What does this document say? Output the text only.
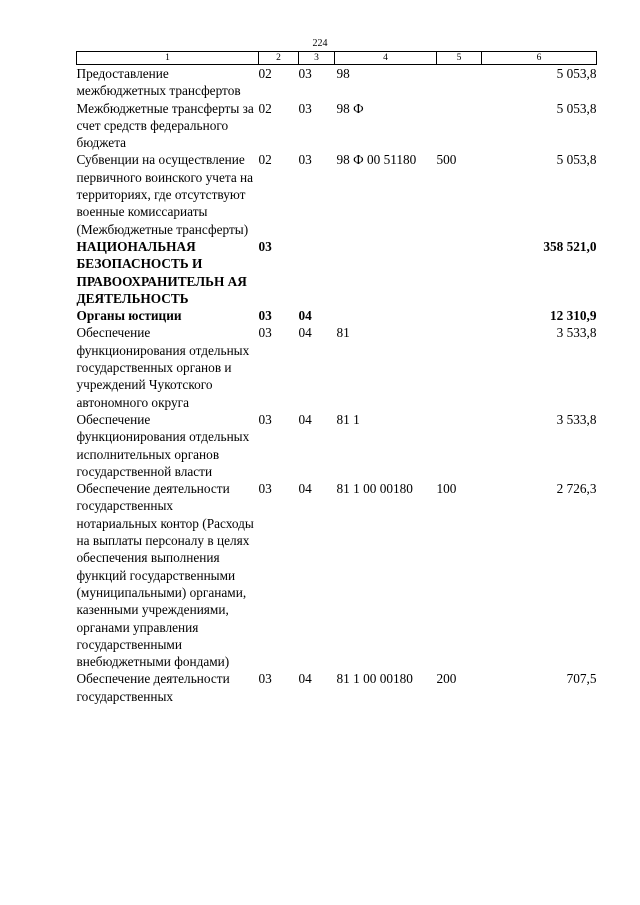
224
1	2	3	4	5	6
Предоставление межбюджетных трансфертов	02	03	98		5 053,8
Межбюджетные трансферты за счет средств федерального бюджета	02	03	98 Ф		5 053,8
Субвенции на осуществление первичного воинского учета на территориях, где отсутствуют военные комиссариаты (Межбюджетные трансферты)	02	03	98 Ф 00 51180	500	5 053,8
НАЦИОНАЛЬНАЯ БЕЗОПАСНОСТЬ И ПРАВООХРАНИТЕЛЬН АЯ ДЕЯТЕЛЬНОСТЬ	03				358 521,0
Органы юстиции	03	04			12 310,9
Обеспечение функционирования отдельных государственных органов и учреждений Чукотского автономного округа	03	04	81		3 533,8
Обеспечение функционирования отдельных исполнительных органов государственной власти	03	04	81 1		3 533,8
Обеспечение деятельности государственных нотариальных контор (Расходы на выплаты персоналу в целях обеспечения выполнения функций государственными (муниципальными) органами, казенными учреждениями, органами управления государственными внебюджетными фондами)	03	04	81 1 00 00180	100	2 726,3
Обеспечение деятельности государственных	03	04	81 1 00 00180	200	707,5
